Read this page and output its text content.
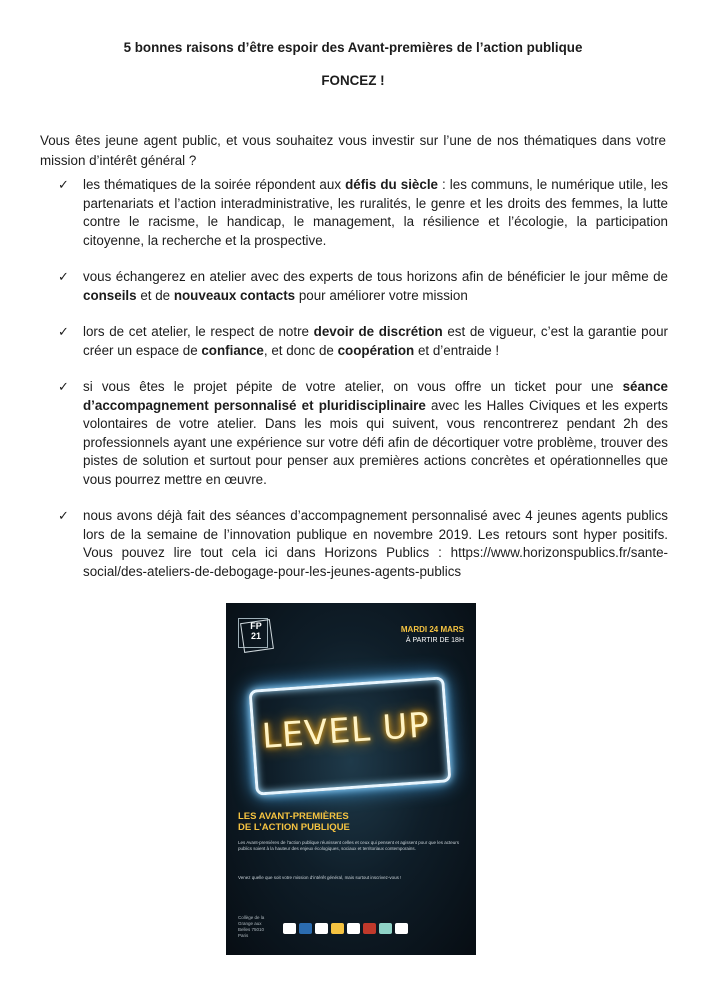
5 bonnes raisons d’être espoir des Avant-premières de l’action publique
FONCEZ !

Vous êtes jeune agent public, et vous souhaitez vous investir sur l’une de nos thématiques dans votre mission d’intérêt général ?

✓ les thématiques de la soirée répondent aux défis du siècle : les communs, le numérique utile, les partenariats et l’action interadministrative, les ruralités, le genre et les droits des femmes, la lutte contre le racisme, le handicap, le management, la résilience et l’écologie, la participation citoyenne, la recherche et la prospective.
✓ vous échangerez en atelier avec des experts de tous horizons afin de bénéficier le jour même de conseils et de nouveaux contacts pour améliorer votre mission
✓ lors de cet atelier, le respect de notre devoir de discrétion est de vigueur, c’est la garantie pour créer un espace de confiance, et donc de coopération et d’entraide !
✓ si vous êtes le projet pépite de votre atelier, on vous offre un ticket pour une séance d’accompagnement personnalisé et pluridisciplinaire avec les Halles Civiques et les experts volontaires de votre atelier. Dans les mois qui suivent, vous rencontrerez pendant 2h des professionnels ayant une expérience sur votre défi afin de décortiquer votre problème, trouver des pistes de solution et surtout pour penser aux premières actions concrètes et opérationnelles que vous pourrez mettre en œuvre.
✓ nous avons déjà fait des séances d’accompagnement personnalisé avec 4 jeunes agents publics lors de la semaine de l’innovation publique en novembre 2019. Les retours sont hyper positifs. Vous pouvez lire tout cela ici dans Horizons Publics : https://www.horizonspublics.fr/sante-social/des-ateliers-de-debogage-pour-les-jeunes-agents-publics
FP
21
MARDI 24 MARS
À PARTIR DE 18H
LEVEL UP
LES AVANT-PREMIÈRES
DE L’ACTION PUBLIQUE
Les Avant-premières de l’action publique réunissent celles et ceux qui pensent et agissent pour que les acteurs publics soient à la hauteur des enjeux écologiques, sociaux et territoriaux contemporains.
Venez quelle que soit votre mission d’intérêt général, mais surtout inscrivez-vous !
Collège de la Grange aux Belles 75010 Paris
